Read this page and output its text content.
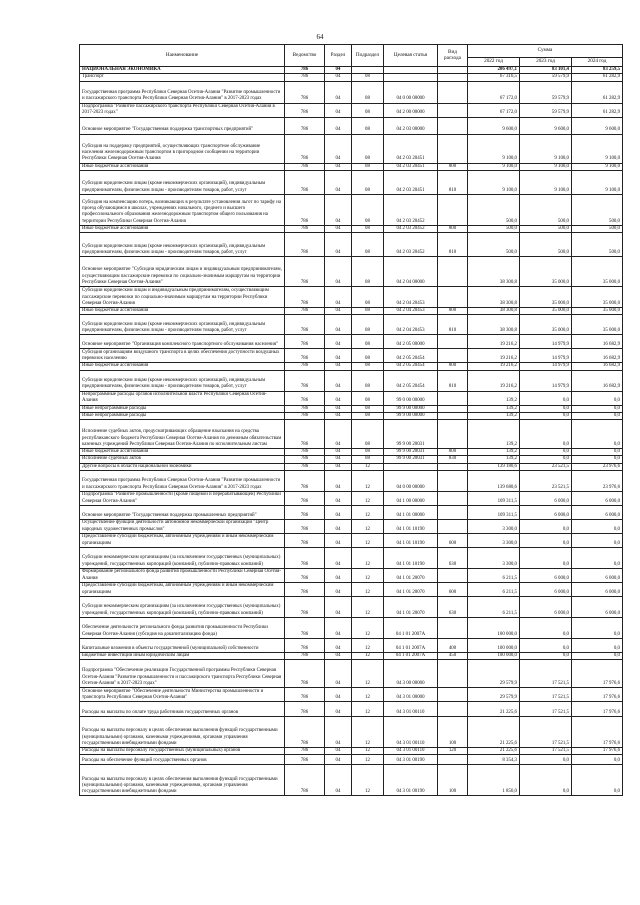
64
Наименование	Ведомство	Раздел	Подраздел	Целевая статья	Вид расхода	Сумма		
						2022 год	2023 год	2024 год
НАЦИОНАЛЬНАЯ ЭКОНОМИКА	786	04				206 497,1	83 101,4	83 259,5
Транспорт	786	04	08			67 316,5	59 579,9	61 282,9
Государственная программа Республики Северная Осетия-Алания "Развитие промышленности и пассажирского транспорта Республики Северная Осетия-Алания" в 2017-2023 годах	786	04	08	04 0 00 00000		67 172,0	59 579,9	61 282,9
Подпрограмма "Развитие пассажирского транспорта Республики Северная Осетия-Алания в 2017-2023 годах"	786	04	08	04 2 00 00000		67 172,0	59 579,9	61 282,9
Основное мероприятие "Государственная поддержка транспортных предприятий"	786	04	08	04 2 03 00000		9 600,0	9 600,0	9 600,0
Субсидия на поддержку предприятий, осуществляющих транспортное обслуживание населения железнодорожным транспортом в пригородном сообщении на территории Республики Северная Осетия-Алания	786	04	08	04 2 03 20451		9 100,0	9 100,0	9 100,0
Иные бюджетные ассигнования	786	04	08	04 2 03 20451	800	9 100,0	9 100,0	9 100,0
Субсидии юридическим лицам (кроме некоммерческих организаций), индивидуальным предпринимателям, физическим лицам - производителям товаров, работ, услуг	786	04	08	04 2 03 20451	810	9 100,0	9 100,0	9 100,0
Субсидия на компенсацию потерь, возникающих в результате установления льгот по тарифу на проезд обучающимся в школах, учреждениях начального, среднего и высшего профессионального образования железнодорожным транспортом общего пользования на территории Республики Северная Осетия-Алания	786	04	08	04 2 03 20452		500,0	500,0	500,0
Иные бюджетные ассигнования	786	04	08	04 2 03 20452	800	500,0	500,0	500,0
Субсидии юридическим лицам (кроме некоммерческих организаций), индивидуальным предпринимателям, физическим лицам - производителям товаров, работ, услуг	786	04	08	04 2 03 20452	810	500,0	500,0	500,0
Основное мероприятие "Субсидии юридическим лицам и индивидуальным предпринимателям, осуществляющим пассажирские перевозки по социально-значимым маршрутам на территории Республики Северная Осетия-Алания"	786	04	08	04 2 04 00000		38 300,8	35 000,0	35 000,0
Субсидии юридическим лицам и индивидуальным предпринимателям, осуществляющим пассажирские перевозки по социально-значимым маршрутам на территории Республики Северная Осетия-Алания	786	04	08	04 2 04 20453		38 300,8	35 000,0	35 000,0
Иные бюджетные ассигнования	786	04	08	04 2 04 20453	800	38 300,8	35 000,0	35 000,0
Субсидии юридическим лицам (кроме некоммерческих организаций), индивидуальным предпринимателям, физическим лицам - производителям товаров, работ, услуг	786	04	08	04 2 04 20453	810	38 300,8	35 000,0	35 000,0
Основное мероприятие "Организация комплексного транспортного обслуживания населения"	786	04	08	04 2 05 00000		19 216,2	14 979,9	16 682,9
Субсидия организациям воздушного транспорта в целях обеспечения доступности воздушных перевозок населению	786	04	08	04 2 05 20454		19 216,2	14 979,9	16 682,9
Иные бюджетные ассигнования	786	04	08	04 2 05 20454	800	19 216,2	14 979,9	16 682,9
Субсидии юридическим лицам (кроме некоммерческих организаций), индивидуальным предпринимателям, физическим лицам - производителям товаров, работ, услуг	786	04	08	04 2 05 20454	810	19 216,2	14 979,9	16 682,9
Непрограммные расходы органов исполнительной власти Республики Северная Осетия-Алания	786	04	08	99 0 00 00000		139,2	0,0	0,0
Иные непрограммные расходы	786	04	08	99 9 00 00000		139,2	0,0	0,0
Иные непрограммные расходы	786	04	08	99 9 00 00000		139,2	0,0	0,0
Исполнение судебных актов, предусматривающих обращение взыскания на средства республиканского бюджета Республики Северная Осетия-Алания по денежным обязательствам казенных учреждений Республики Северная Осетия-Алания по исполнительным листам	786	04	08	99 9 00 20031		139,2	0,0	0,0
Иные бюджетные ассигнования	786	04	08	99 9 00 20031	800	139,2	0,0	0,0
Исполнение судебных актов	786	04	08	99 9 00 20031	830	139,2	0,0	0,0
Другие вопросы в области национальной экономики	786	04	12			139 180,6	23 521,5	23 976,6
Государственная программа Республики Северная Осетия-Алания "Развитие промышленности и пассажирского транспорта Республики Северная Осетия-Алания" в 2017-2023 годах	786	04	12	04 0 00 00000		139 680,6	23 521,5	23 976,6
Подпрограмма "Развитие промышленности (кроме пищевой и перерабатывающей) Республики Северная Осетия-Алания"	786	04	12	04 1 00 00000		109 311,5	6 000,0	6 000,0
Основное мероприятие "Государственная поддержка промышленных предприятий"	786	04	12	04 1 01 00000		109 311,5	6 000,0	6 000,0
Осуществление функций деятельности автономной некоммерческой организации "Центр народных художественных промыслов"	786	04	12	04 1 01 10190		3 300,0	0,0	0,0
Предоставление субсидий бюджетным, автономным учреждениям и иным некоммерческим организациям	786	04	12	04 1 01 10190	600	3 300,0	0,0	0,0
Субсидии некоммерческим организациям (за исключением государственных (муниципальных) учреждений, государственных корпораций (компаний), публично-правовых компаний)	786	04	12	04 1 01 10190	630	3 300,0	0,0	0,0
Формирование регионального фонда развития промышленности Республики Северная Осетия-Алания	786	04	12	04 1 01 20070		6 211,5	6 000,0	6 000,0
Предоставление субсидий бюджетным, автономным учреждениям и иным некоммерческим организациям	786	04	12	04 1 01 20070	600	6 211,5	6 000,0	6 000,0
Субсидии некоммерческим организациям (за исключением государственных (муниципальных) учреждений, государственных корпораций (компаний), публично-правовых компаний)	786	04	12	04 1 01 20070	630	6 211,5	6 000,0	6 000,0
Обеспечение деятельности регионального фонда развития промышленности Республики Северная Осетия-Алания (субсидия на докапитализацию фонда)	786	04	12	04 1 01 2007А		100 000,0	0,0	0,0
Капитальные вложения в объекты государственной (муниципальной) собственности	786	04	12	04 1 01 2007А	400	100 000,0	0,0	0,0
Бюджетные инвестиции иным юридическим лицам	786	04	12	04 1 01 2007А	450	100 000,0	0,0	0,0
Подпрограмма "Обеспечение реализации Государственной программы Республики Северная Осетия-Алания "Развитие промышленности и пассажирского транспорта Республики Северная Осетия-Алания" в 2017-2023 годах"	786	04	12	04 3 00 00000		29 579,9	17 521,5	17 976,6
Основное мероприятие "Обеспечение деятельности Министерства промышленности и транспорта Республики Северная Осетия-Алания"	786	04	12	04 3 01 00000		29 579,9	17 521,5	17 976,6
Расходы на выплаты по оплате труда работников государственных органов	786	04	12	04 3 01 00110		21 225,6	17 521,5	17 976,6
Расходы на выплаты персоналу в целях обеспечения выполнения функций государственными (муниципальными) органами, казенными учреждениями, органами управления государственными внебюджетными фондами	786	04	12	04 3 01 00110	100	21 225,6	17 521,5	17 976,6
Расходы на выплаты персоналу государственных (муниципальных) органов	786	04	12	04 3 01 00110	120	21 225,6	17 521,5	17 976,6
Расходы на обеспечение функций государственных органов	786	04	12	04 3 01 00190		8 354,3	0,0	0,0
Расходы на выплаты персоналу в целях обеспечения выполнения функций государственными (муниципальными) органами, казенными учреждениями, органами управления государственными внебюджетными фондами	786	04	12	04 3 01 00190	100	1 856,0	0,0	0,0
